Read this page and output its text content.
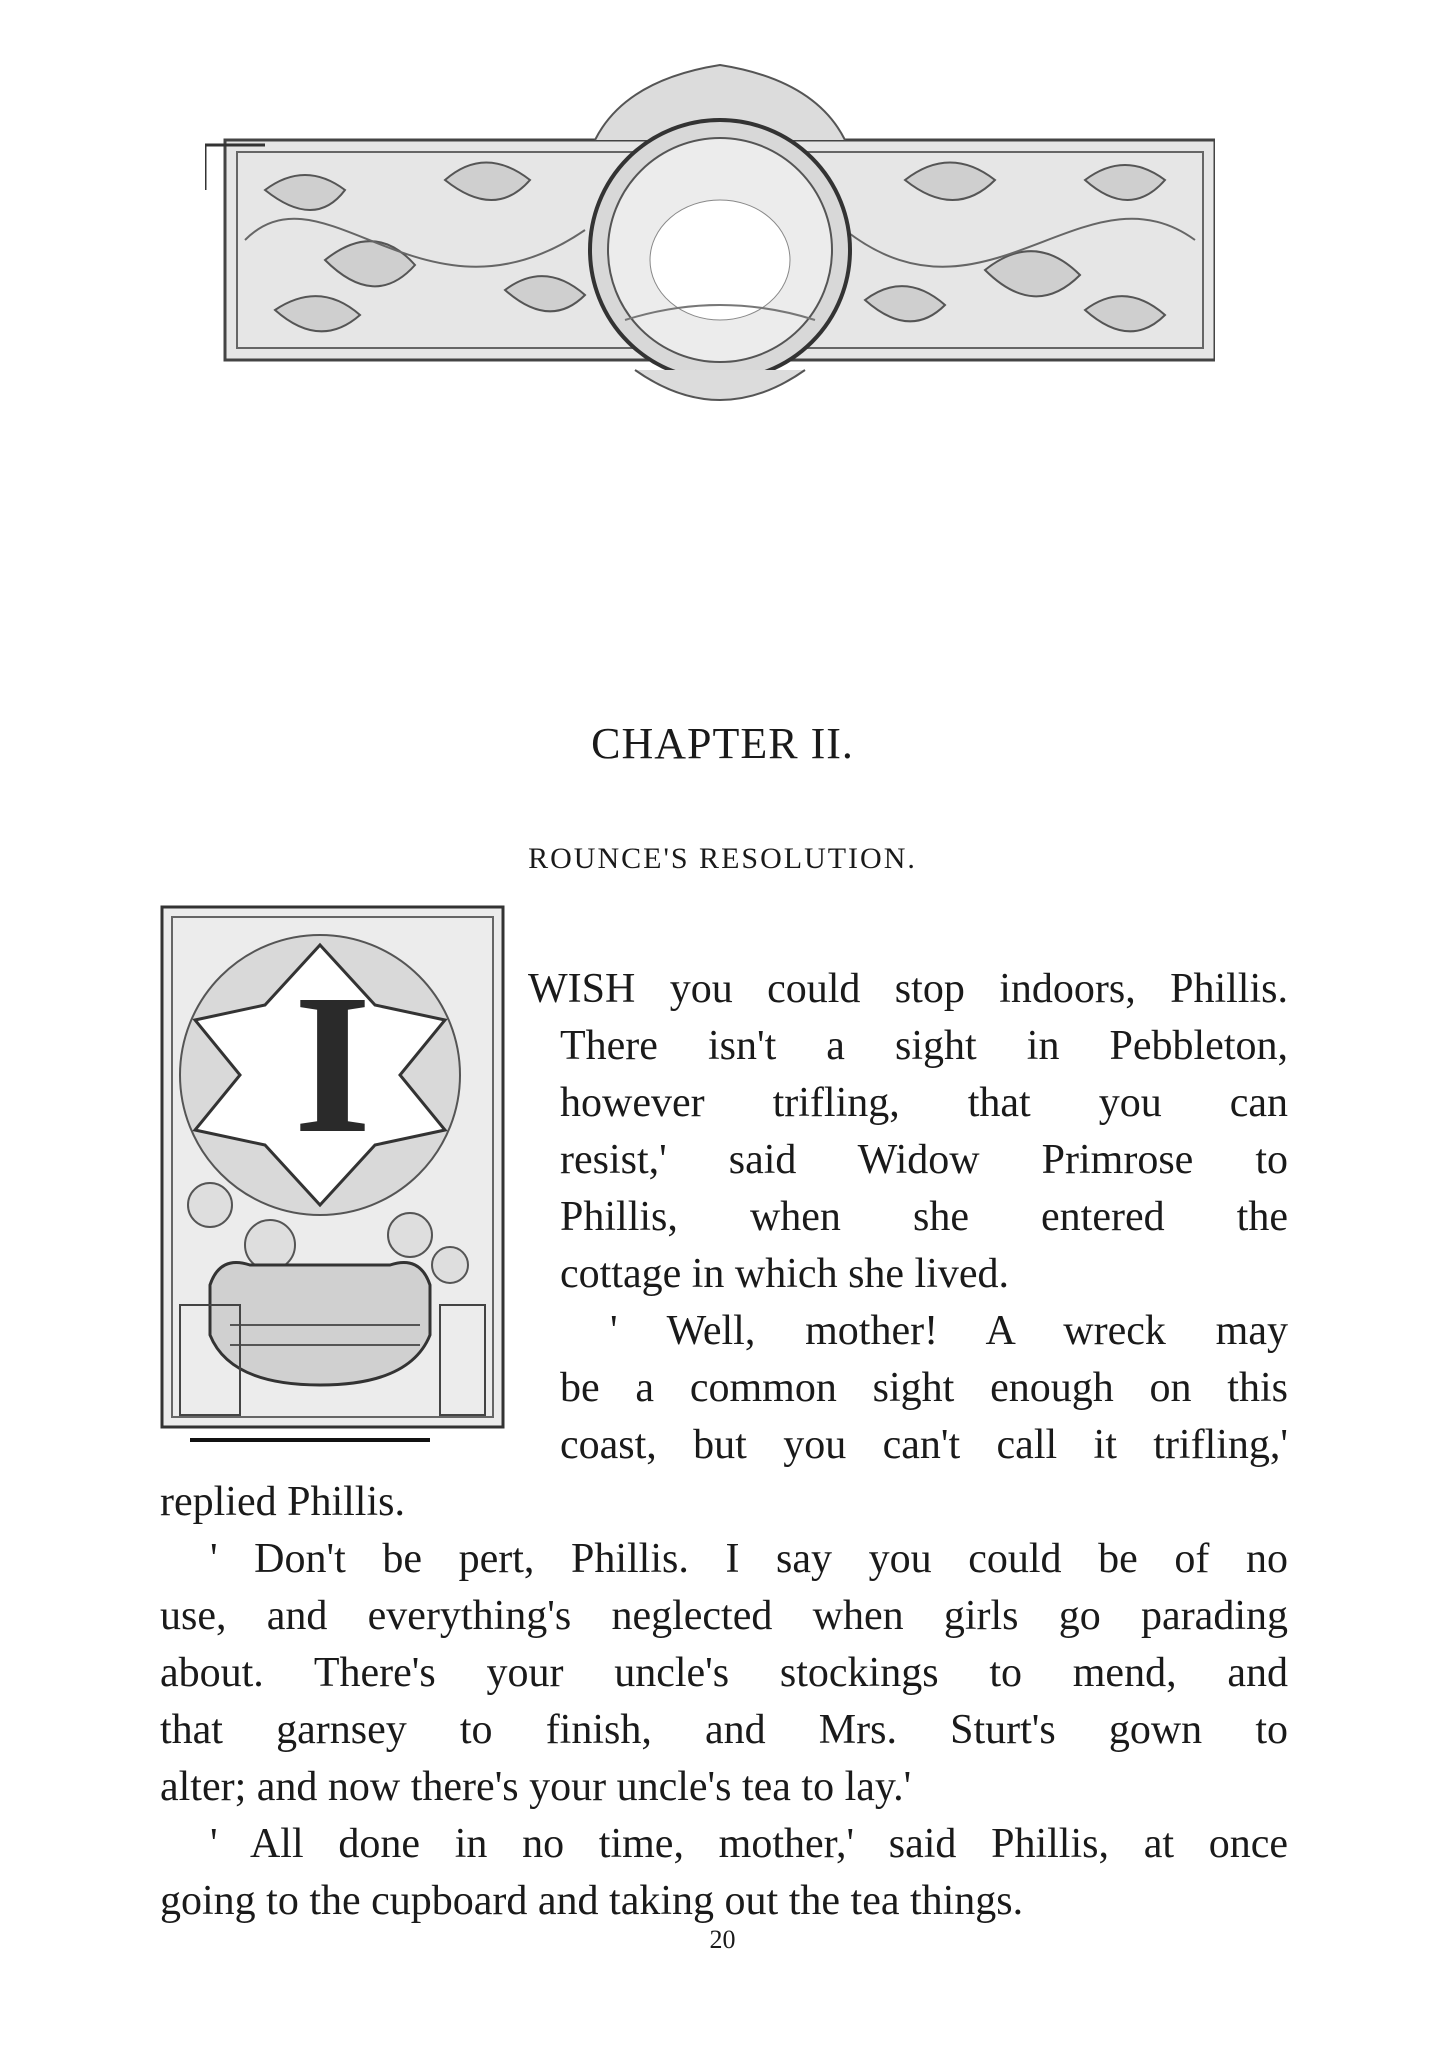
CHAPTER II.
ROUNCE'S RESOLUTION.
I	WISH you could stop indoors, Phillis.

There isn't a sight in Pebbleton,

however trifling, that you can

resist,' said Widow Primrose to

Phillis, when she entered the

cottage in which she lived.

' Well, mother! A wreck may

be a common sight enough on this

coast, but you can't call it trifling,'

replied Phillis.

' Don't be pert, Phillis. I say you could be of no

use, and everything's neglected when girls go parading

about. There's your uncle's stockings to mend, and

that garnsey to finish, and Mrs. Sturt's gown to

alter; and now there's your uncle's tea to lay.'

' All done in no time, mother,' said Phillis, at once

going to the cupboard and taking out the tea things.

20
